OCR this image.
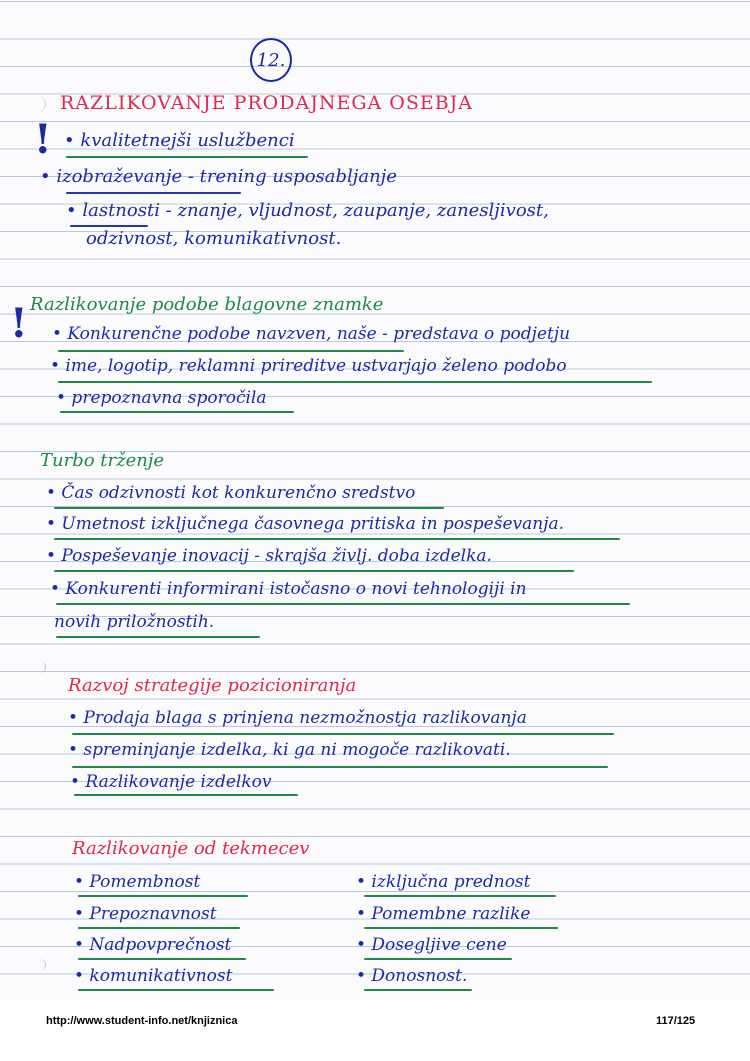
12.
RAZLIKOVANJE PRODAJNEGA OSEBJA
! • kvalitetnejši uslužbenci
• izobraževanje - trening usposabljanje
• lastnosti - znanje, vljudnost, zaupanje, zanesljivost,
odzivnost, komunikativnost.
Razlikovanje podobe blagovne znamke
! • Konkurenčne podobe navzven, naše - predstava o podjetju
• ime, logotip, reklamni prireditve ustvarjajo želeno podobo
• prepoznavna sporočila
Turbo trženje
• Čas odzivnosti kot konkurenčno sredstvo
• Umetnost izključnega časovnega pritiska in pospeševanja.
• Pospeševanje inovacij - skrajša življ. doba izdelka.
• Konkurenti informirani istočasno o novi tehnologiji in
novih priložnostih.
Razvoj strategije pozicioniranja
• Prodaja blaga s prinjena nezmožnostja razlikovanja
• spreminjanje izdelka, ki ga ni mogoče razlikovati.
• Razlikovanje izdelkov
Razlikovanje od tekmecev
• Pomembnost
• Prepoznavnost
• Nadpovprečnost
• komunikativnost
• izključna prednost
• Pomembne razlike
• Dosegljive cene
• Donosnost.
http://www.student-info.net/knjiznica	117/125
